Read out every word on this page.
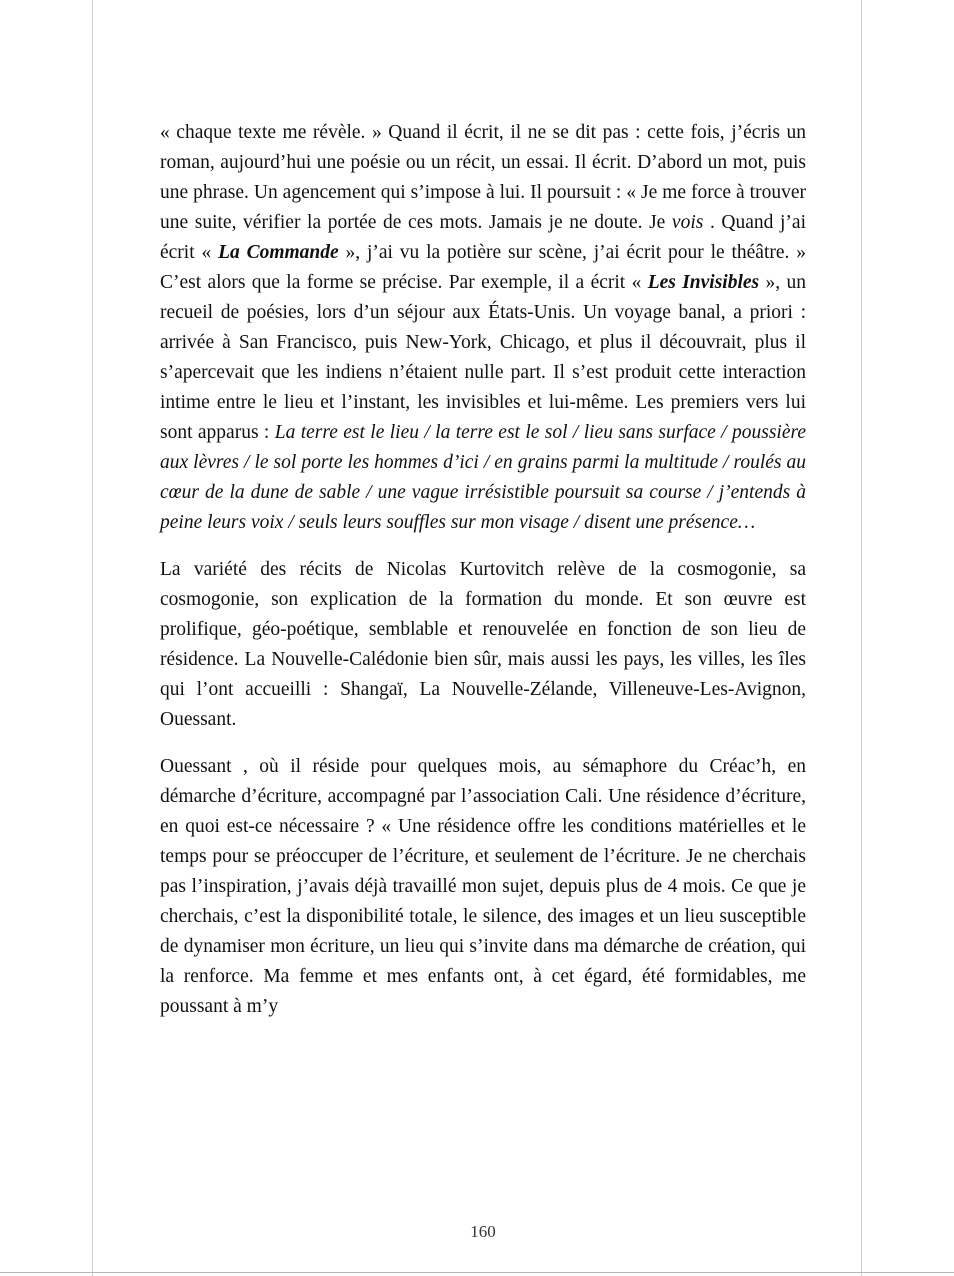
« chaque texte me révèle. » Quand il écrit, il ne se dit pas : cette fois, j’écris un roman, aujourd’hui une poésie ou un récit, un essai. Il écrit. D’abord un mot, puis une phrase. Un agencement qui s’impose à lui. Il poursuit : « Je me force à trouver une suite, vérifier la portée de ces mots. Jamais je ne doute. Je vois . Quand j’ai écrit « La Commande », j’ai vu la potière sur scène, j’ai écrit pour le théâtre. » C’est alors que la forme se précise. Par exemple, il a écrit « Les Invisibles », un recueil de poésies, lors d’un séjour aux États-Unis. Un voyage banal, a priori : arrivée à San Francisco, puis New-York, Chicago, et plus il découvrait, plus il s’apercevait que les indiens n’étaient nulle part. Il s’est produit cette interaction intime entre le lieu et l’instant, les invisibles et lui-même. Les premiers vers lui sont apparus : La terre est le lieu / la terre est le sol / lieu sans surface / poussière aux lèvres / le sol porte les hommes d’ici / en grains parmi la multitude / roulés au cœur de la dune de sable / une vague irrésistible poursuit sa course / j’entends à peine leurs voix / seuls leurs souffles sur mon visage / disent une présence…

La variété des récits de Nicolas Kurtovitch relève de la cosmogonie, sa cosmogonie, son explication de la formation du monde. Et son œuvre est prolifique, géo-poétique, semblable et renouvelée en fonction de son lieu de résidence. La Nouvelle-Calédonie bien sûr, mais aussi les pays, les villes, les îles qui l’ont accueilli : Shangaï, La Nouvelle-Zélande, Villeneuve-Les-Avignon, Ouessant.

Ouessant , où il réside pour quelques mois, au sémaphore du Créac’h, en démarche d’écriture, accompagné par l’association Cali. Une résidence d’écriture, en quoi est-ce nécessaire ? « Une résidence offre les conditions matérielles et le temps pour se préoccuper de l’écriture, et seulement de l’écriture. Je ne cherchais pas l’inspiration, j’avais déjà travaillé mon sujet, depuis plus de 4 mois. Ce que je cherchais, c’est la disponibilité totale, le silence, des images et un lieu susceptible de dynamiser mon écriture, un lieu qui s’invite dans ma démarche de création, qui la renforce. Ma femme et mes enfants ont, à cet égard, été formidables, me poussant à m’y

160
